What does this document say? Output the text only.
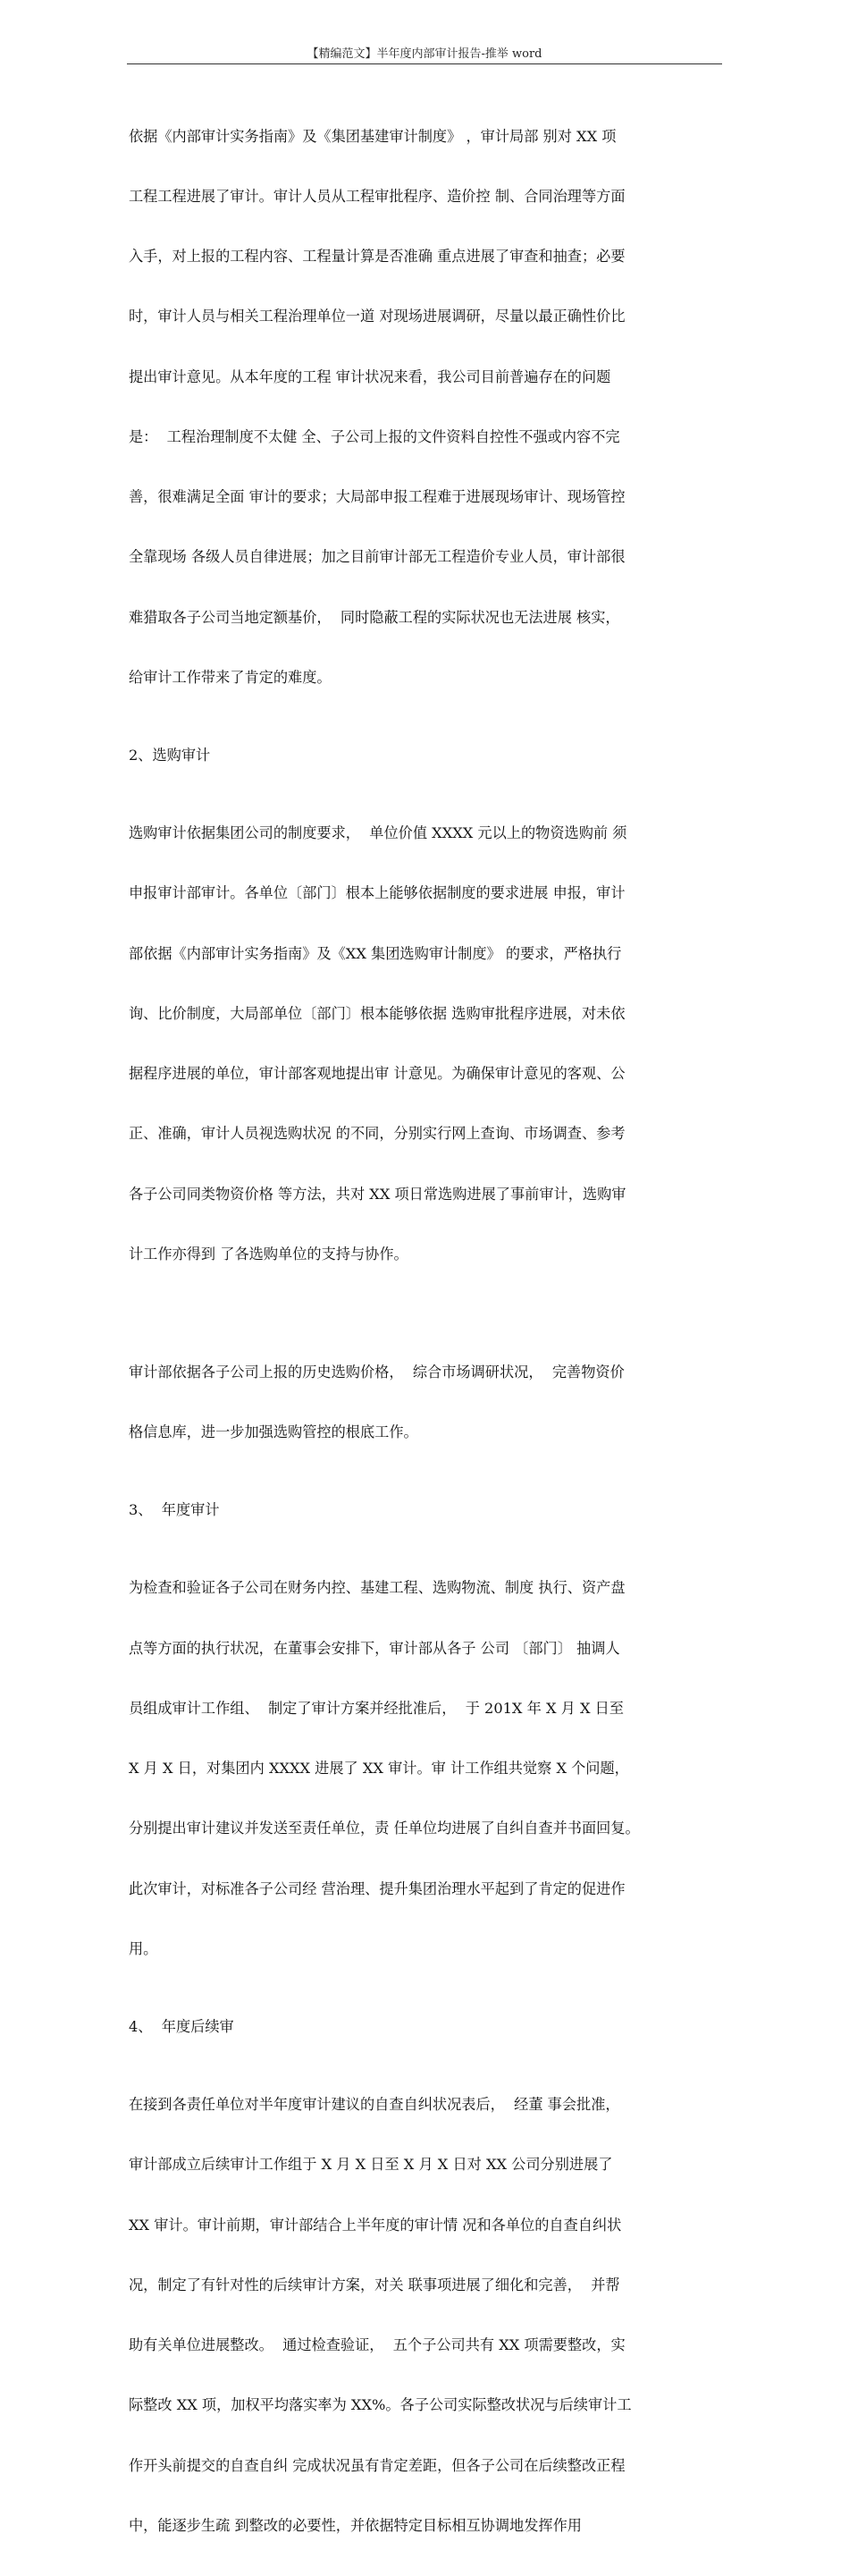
【精编范文】半年度内部审计报告-推举 word

依据《内部审计实务指南》及《集团基建审计制度》 ，审计局部 别对 XX 项

工程工程进展了审计。审计人员从工程审批程序、造价控 制、合同治理等方面

入手，对上报的工程内容、工程量计算是否准确 重点进展了审查和抽查；必要

时，审计人员与相关工程治理单位一道 对现场进展调研，尽量以最正确性价比

提出审计意见。从本年度的工程 审计状况来看，我公司目前普遍存在的问题

是：  工程治理制度不太健 全、子公司上报的文件资料自控性不强或内容不完

善，很难满足全面 审计的要求；大局部申报工程难于进展现场审计、现场管控

全靠现场 各级人员自律进展；加之目前审计部无工程造价专业人员，审计部很

难猎取各子公司当地定额基价，  同时隐蔽工程的实际状况也无法进展 核实，

给审计工作带来了肯定的难度。

2、选购审计

选购审计依据集团公司的制度要求，  单位价值 XXXX 元以上的物资选购前 须

申报审计部审计。各单位〔部门〕根本上能够依据制度的要求进展 申报，审计

部依据《内部审计实务指南》及《XX 集团选购审计制度》 的要求，严格执行

询、比价制度，大局部单位〔部门〕根本能够依据 选购审批程序进展，对未依

据程序进展的单位，审计部客观地提出审 计意见。为确保审计意见的客观、公

正、准确，审计人员视选购状况 的不同，分别实行网上查询、市场调查、参考

各子公司同类物资价格 等方法，共对 XX 项日常选购进展了事前审计，选购审

计工作亦得到 了各选购单位的支持与协作。

审计部依据各子公司上报的历史选购价格，  综合市场调研状况，  完善物资价

格信息库，进一步加强选购管控的根底工作。

3、  年度审计

为检查和验证各子公司在财务内控、基建工程、选购物流、制度 执行、资产盘

点等方面的执行状况，在董事会安排下，审计部从各子 公司 〔部门〕 抽调人

员组成审计工作组、  制定了审计方案并经批准后，  于 201X 年 X 月 X 日至

X 月 X 日，对集团内 XXXX 进展了 XX 审计。审 计工作组共觉察 X 个问题，

分别提出审计建议并发送至责任单位，责 任单位均进展了自纠自查并书面回复。

此次审计，对标准各子公司经 营治理、提升集团治理水平起到了肯定的促进作

用。

4、  年度后续审

在接到各责任单位对半年度审计建议的自查自纠状况表后，  经董 事会批准，

审计部成立后续审计工作组于 X 月 X 日至 X 月 X 日对 XX 公司分别进展了

XX 审计。审计前期，审计部结合上半年度的审计情 况和各单位的自查自纠状

况，制定了有针对性的后续审计方案，对关 联事项进展了细化和完善，  并帮

助有关单位进展整改。  通过检查验证，  五个子公司共有 XX 项需要整改，实

际整改 XX 项，加权平均落实率为 XX%。各子公司实际整改状况与后续审计工

作开头前提交的自查自纠 完成状况虽有肯定差距，但各子公司在后续整改正程

中，能逐步生疏 到整改的必要性，并依据特定目标相互协调地发挥作用
